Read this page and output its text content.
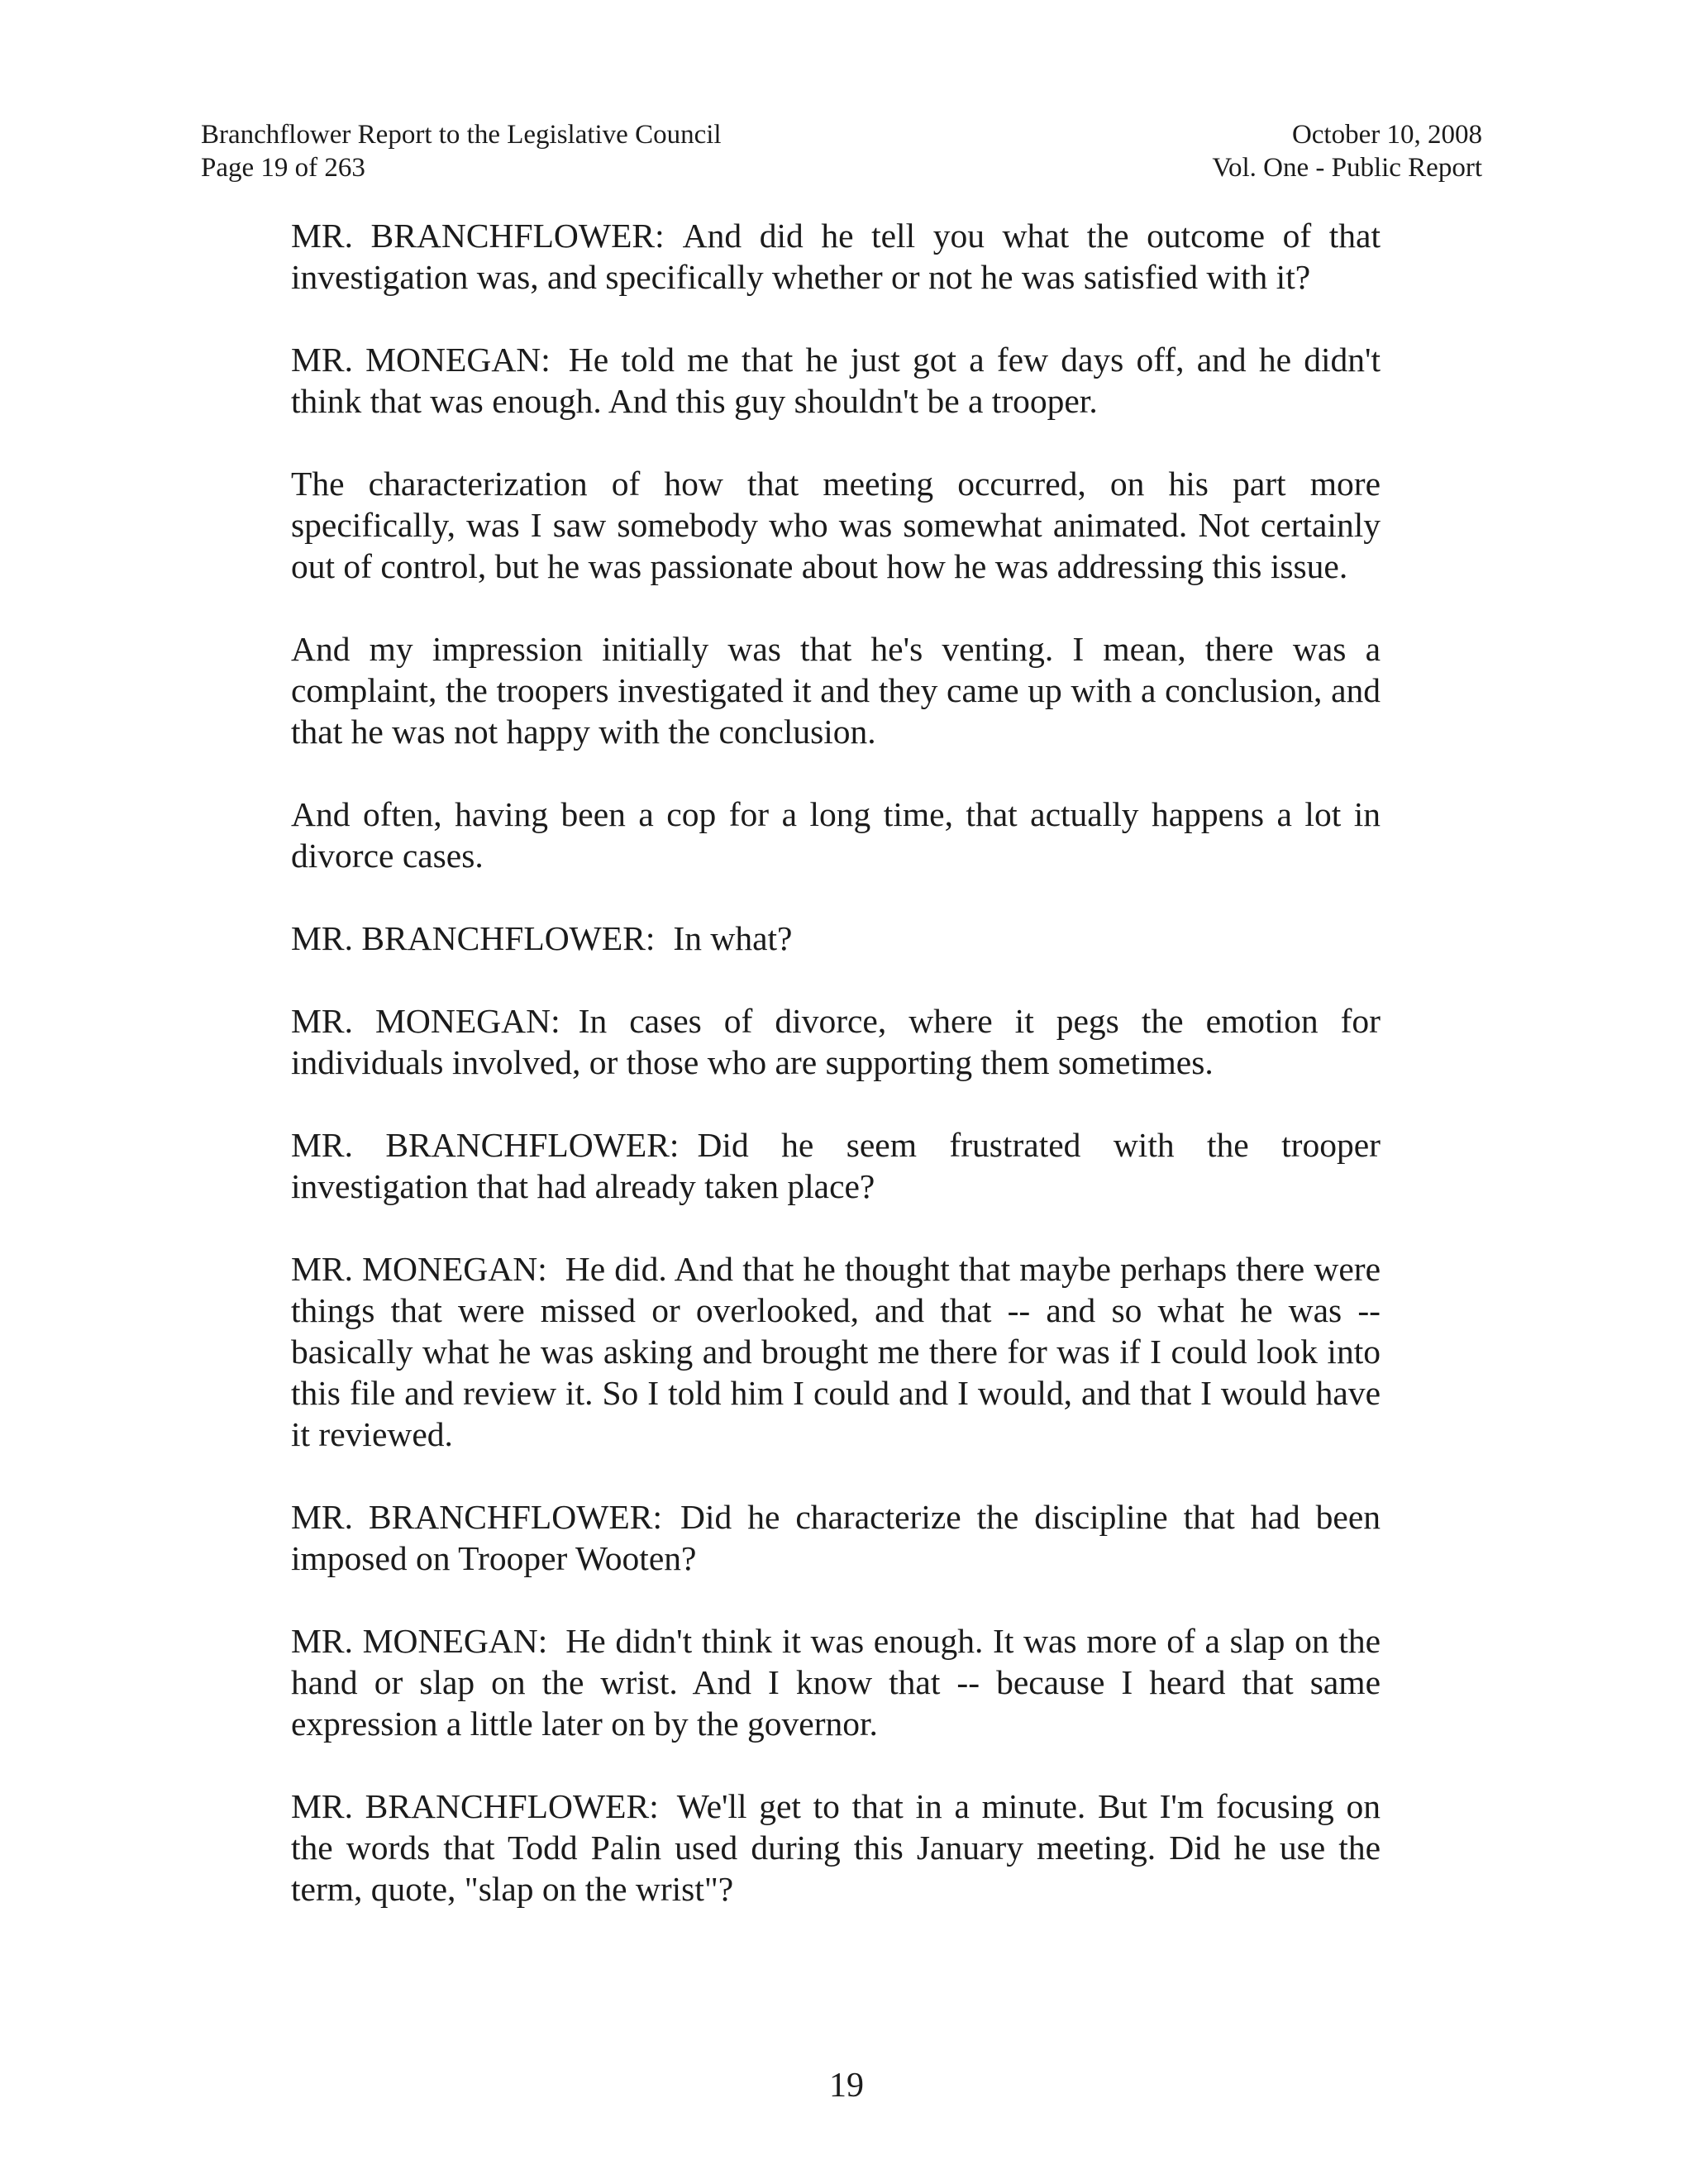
Branchflower Report to the Legislative Council
Page 19 of 263
October 10, 2008
Vol. One - Public Report

MR. BRANCHFLOWER: And did he tell you what the outcome of that investigation was, and specifically whether or not he was satisfied with it?

MR. MONEGAN: He told me that he just got a few days off, and he didn't think that was enough. And this guy shouldn't be a trooper.

The characterization of how that meeting occurred, on his part more specifically, was I saw somebody who was somewhat animated. Not certainly out of control, but he was passionate about how he was addressing this issue.

And my impression initially was that he's venting. I mean, there was a complaint, the troopers investigated it and they came up with a conclusion, and that he was not happy with the conclusion.

And often, having been a cop for a long time, that actually happens a lot in divorce cases.

MR. BRANCHFLOWER: In what?

MR. MONEGAN: In cases of divorce, where it pegs the emotion for individuals involved, or those who are supporting them sometimes.

MR. BRANCHFLOWER: Did he seem frustrated with the trooper investigation that had already taken place?

MR. MONEGAN: He did. And that he thought that maybe perhaps there were things that were missed or overlooked, and that -- and so what he was -- basically what he was asking and brought me there for was if I could look into this file and review it. So I told him I could and I would, and that I would have it reviewed.

MR. BRANCHFLOWER: Did he characterize the discipline that had been imposed on Trooper Wooten?

MR. MONEGAN: He didn't think it was enough. It was more of a slap on the hand or slap on the wrist. And I know that -- because I heard that same expression a little later on by the governor.

MR. BRANCHFLOWER: We'll get to that in a minute. But I'm focusing on the words that Todd Palin used during this January meeting. Did he use the term, quote, "slap on the wrist"?

19
